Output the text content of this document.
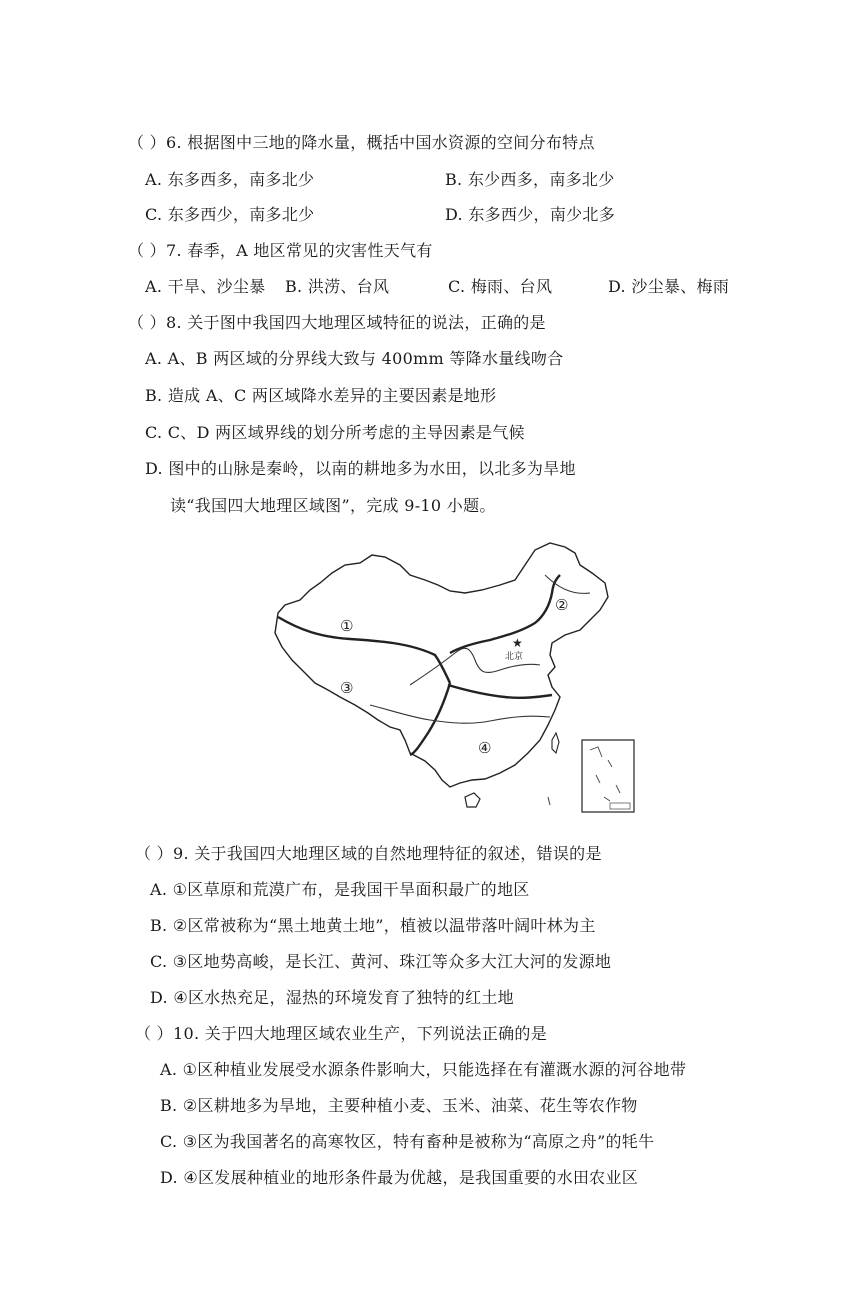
（ ）6. 根据图中三地的降水量，概括中国水资源的空间分布特点
A. 东多西多，南多北少	B. 东少西多，南多北少
C. 东多西少，南多北少	D. 东多西少，南少北多
（ ）7. 春季，A 地区常见的灾害性天气有
A. 干旱、沙尘暴 B. 洪涝、台风	C. 梅雨、台风	D. 沙尘暴、梅雨
（ ）8. 关于图中我国四大地理区域特征的说法，正确的是
A. A、B 两区域的分界线大致与 400mm 等降水量线吻合
B. 造成 A、C 两区域降水差异的主要因素是地形
C. C、D 两区域界线的划分所考虑的主导因素是气候
D. 图中的山脉是秦岭，以南的耕地多为水田，以北多为旱地
读“我国四大地理区域图”，完成 9-10 小题。
★
北京
①
②
③
④
（ ）9. 关于我国四大地理区域的自然地理特征的叙述，错误的是
A. ①区草原和荒漠广布，是我国干旱面积最广的地区
B. ②区常被称为“黑土地黄土地”，植被以温带落叶阔叶林为主
C. ③区地势高峻，是长江、黄河、珠江等众多大江大河的发源地
D. ④区水热充足，湿热的环境发育了独特的红土地
（ ）10. 关于四大地理区域农业生产，下列说法正确的是
A. ①区种植业发展受水源条件影响大，只能选择在有灌溉水源的河谷地带
B. ②区耕地多为旱地，主要种植小麦、玉米、油菜、花生等农作物
C. ③区为我国著名的高寒牧区，特有畜种是被称为“高原之舟”的牦牛
D. ④区发展种植业的地形条件最为优越，是我国重要的水田农业区
